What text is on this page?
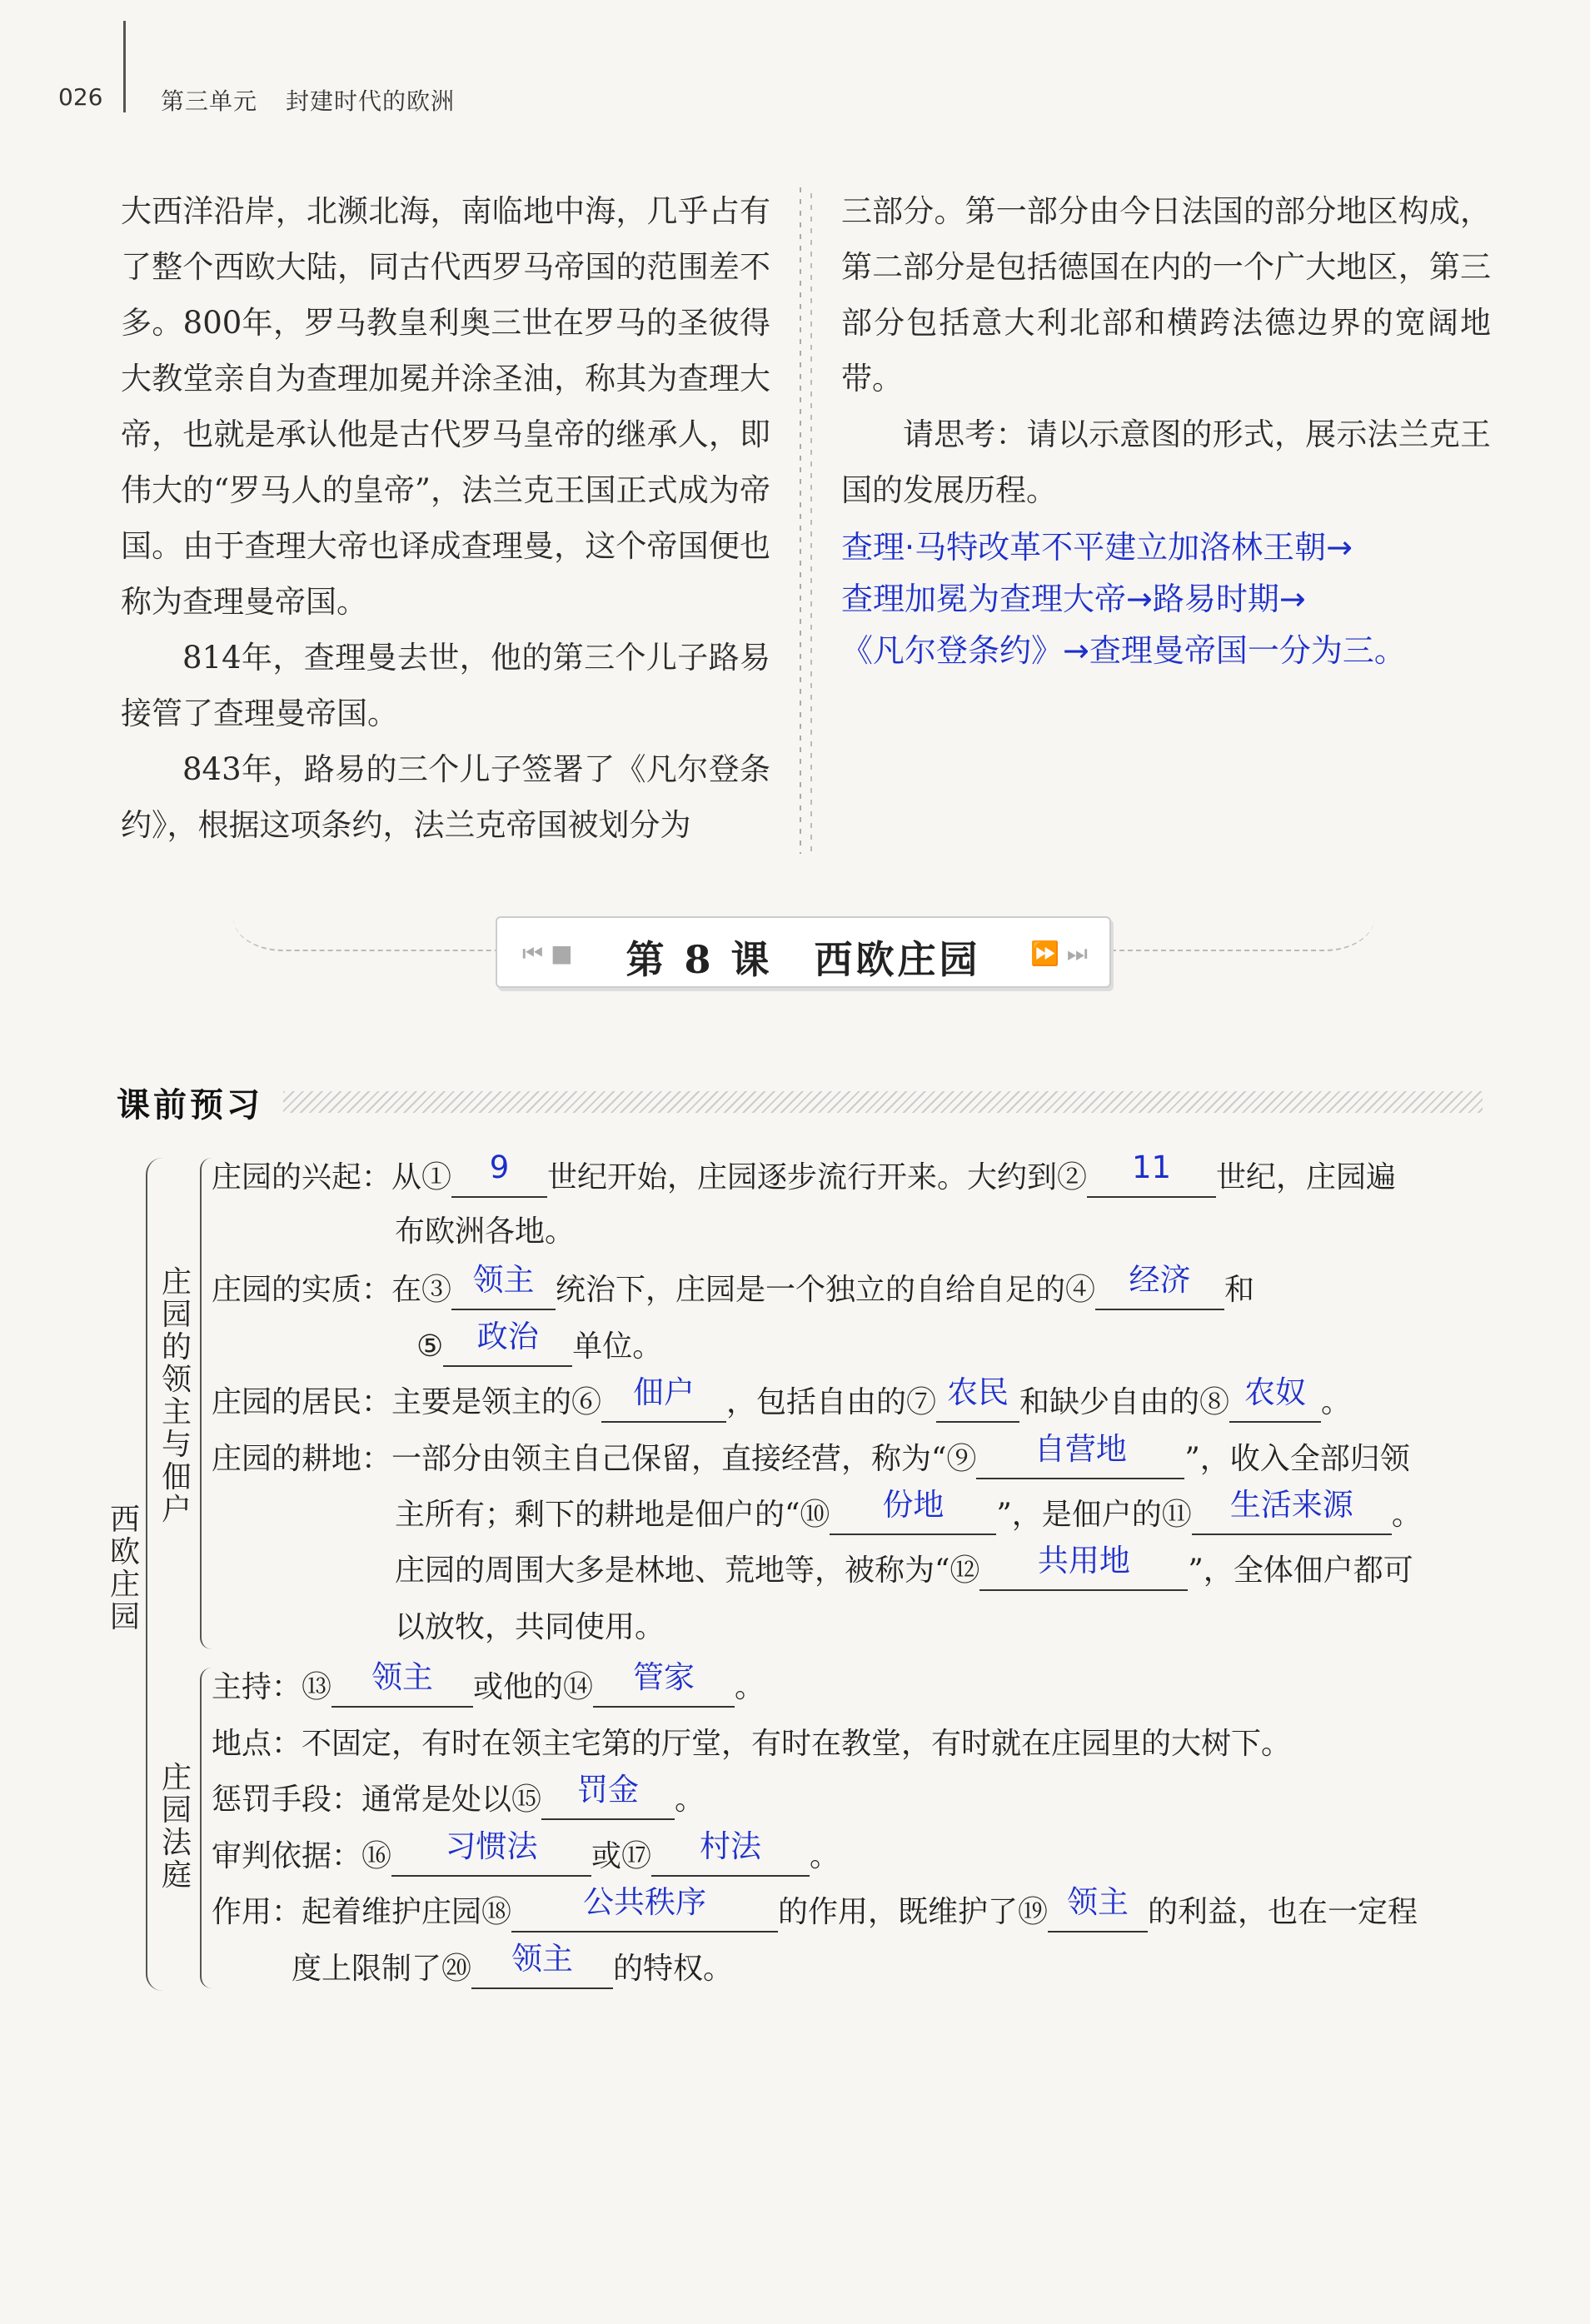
026 第三单元 封建时代的欧洲

大西洋沿岸，北濒北海，南临地中海，几乎占有了整个西欧大陆，同古代西罗马帝国的范围差不多。800年，罗马教皇利奥三世在罗马的圣彼得大教堂亲自为查理加冕并涂圣油，称其为查理大帝，也就是承认他是古代罗马皇帝的继承人，即伟大的“罗马人的皇帝”，法兰克王国正式成为帝国。由于查理大帝也译成查理曼，这个帝国便也称为查理曼帝国。

814年，查理曼去世，他的第三个儿子路易接管了查理曼帝国。

843年，路易的三个儿子签署了《凡尔登条约》，根据这项条约，法兰克帝国被划分为

三部分。第一部分由今日法国的部分地区构成，第二部分是包括德国在内的一个广大地区，第三部分包括意大利北部和横跨法德边界的宽阔地带。

请思考：请以示意图的形式，展示法兰克王国的发展历程。

查理·马特改革不平建立加洛林王朝→
查理加冕为查理大帝→路易时期→
《凡尔登条约》→查理曼帝国一分为三。
⏮ ■	第 8 课 西欧庄园	⏩ ⏭
课前预习
西欧庄园
庄园的领主与佃户
庄园法庭
庄园的兴起：从①	9	世纪开始，庄园逐步流行开来。大约到②	11	世纪，庄园遍
布欧洲各地。
庄园的实质：在③ 领主 统治下，庄园是一个独立的自给自足的④	经济	和
⑤	政治	单位。
庄园的居民：主要是领主的⑥	佃户	，包括自由的⑦ 农民 和缺少自由的⑧ 农奴 。
庄园的耕地：一部分由领主自己保留，直接经营，称为“⑨	自营地	”，收入全部归领
主所有；剩下的耕地是佃户的“⑩	份地	”，是佃户的⑪	生活来源	。
庄园的周围大多是林地、荒地等，被称为“⑫	共用地	”，全体佃户都可
以放牧，共同使用。
主持：⑬	领主	或他的⑭	管家	。
地点：不固定，有时在领主宅第的厅堂，有时在教堂，有时就在庄园里的大树下。
惩罚手段：通常是处以⑮	罚金	。
审判依据：⑯	习惯法	或⑰	村法	。
作用：起着维护庄园⑱	公共秩序	的作用，既维护了⑲ 领主 的利益，也在一定程
度上限制了⑳	领主	的特权。
